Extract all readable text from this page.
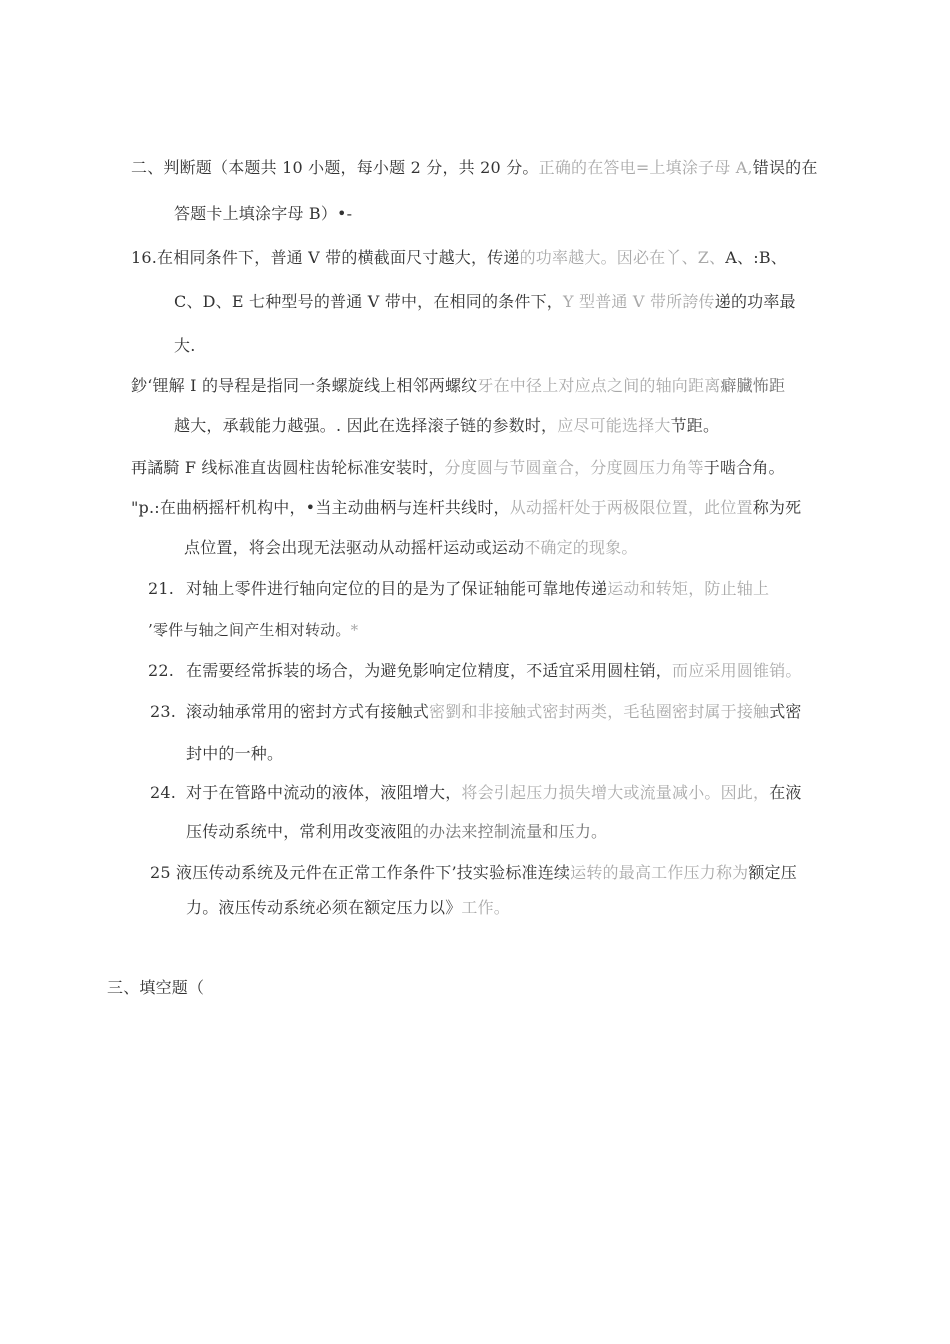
二、判断题（本题共 10 小题，每小题 2 分，共 20 分。正确的在答电=上填涂子母 A,错误的在
答题卡上填涂字母 B）•-
16.在相同条件下，普通 V 带的横截面尺寸越大，传递的功率越大。因必在丫、Z、A、:B、
C、D、E 七种型号的普通 V 带中，在相同的条件下，Y 型普通 V 带所誇传递的功率最
大.
鈔‘锂解 I 的导程是指同一条螺旋线上相邻两螺纹牙在中径上对应点之间的轴向距离癖臓怖距
越大，承载能力越强。. 因此在选择滚子链的参数时，应尽可能选择大节距。
再譎騎 F 线标准直齿圆柱齿轮标准安装时，分度圆与节圆童合，分度圆压力角等于啮合角。
"p.:在曲柄摇杆机构中，•当主动曲柄与连杆共线时，从动摇杆处于两极限位置，此位置称为死
点位置，将会出现无法驱动从动摇杆运动或运动不确定的现象。
21. 对轴上零件进行轴向定位的目的是为了保证轴能可靠地传递运动和转矩，防止轴上
’零件与轴之间产生相对转动。*
22. 在需要经常拆装的场合，为避免影响定位精度，不适宜采用圆柱销，而应采用圆锥销。
23. 滚动轴承常用的密封方式有接触式密劉和非接触式密封两类，毛毡圈密封属于接触式密
封中的一种。
24. 对于在管路中流动的液体，液阻增大，将会引起压力损失增大或流量减小。因此，在液
压传动系统中，常利用改变液阻的办法来控制流量和压力。
25 液压传动系统及元件在正常工作条件下’技实验标准连续运转的最高工作压力称为额定压
力。液压传动系统必须在额定压力以》工作。
三、填空题（
